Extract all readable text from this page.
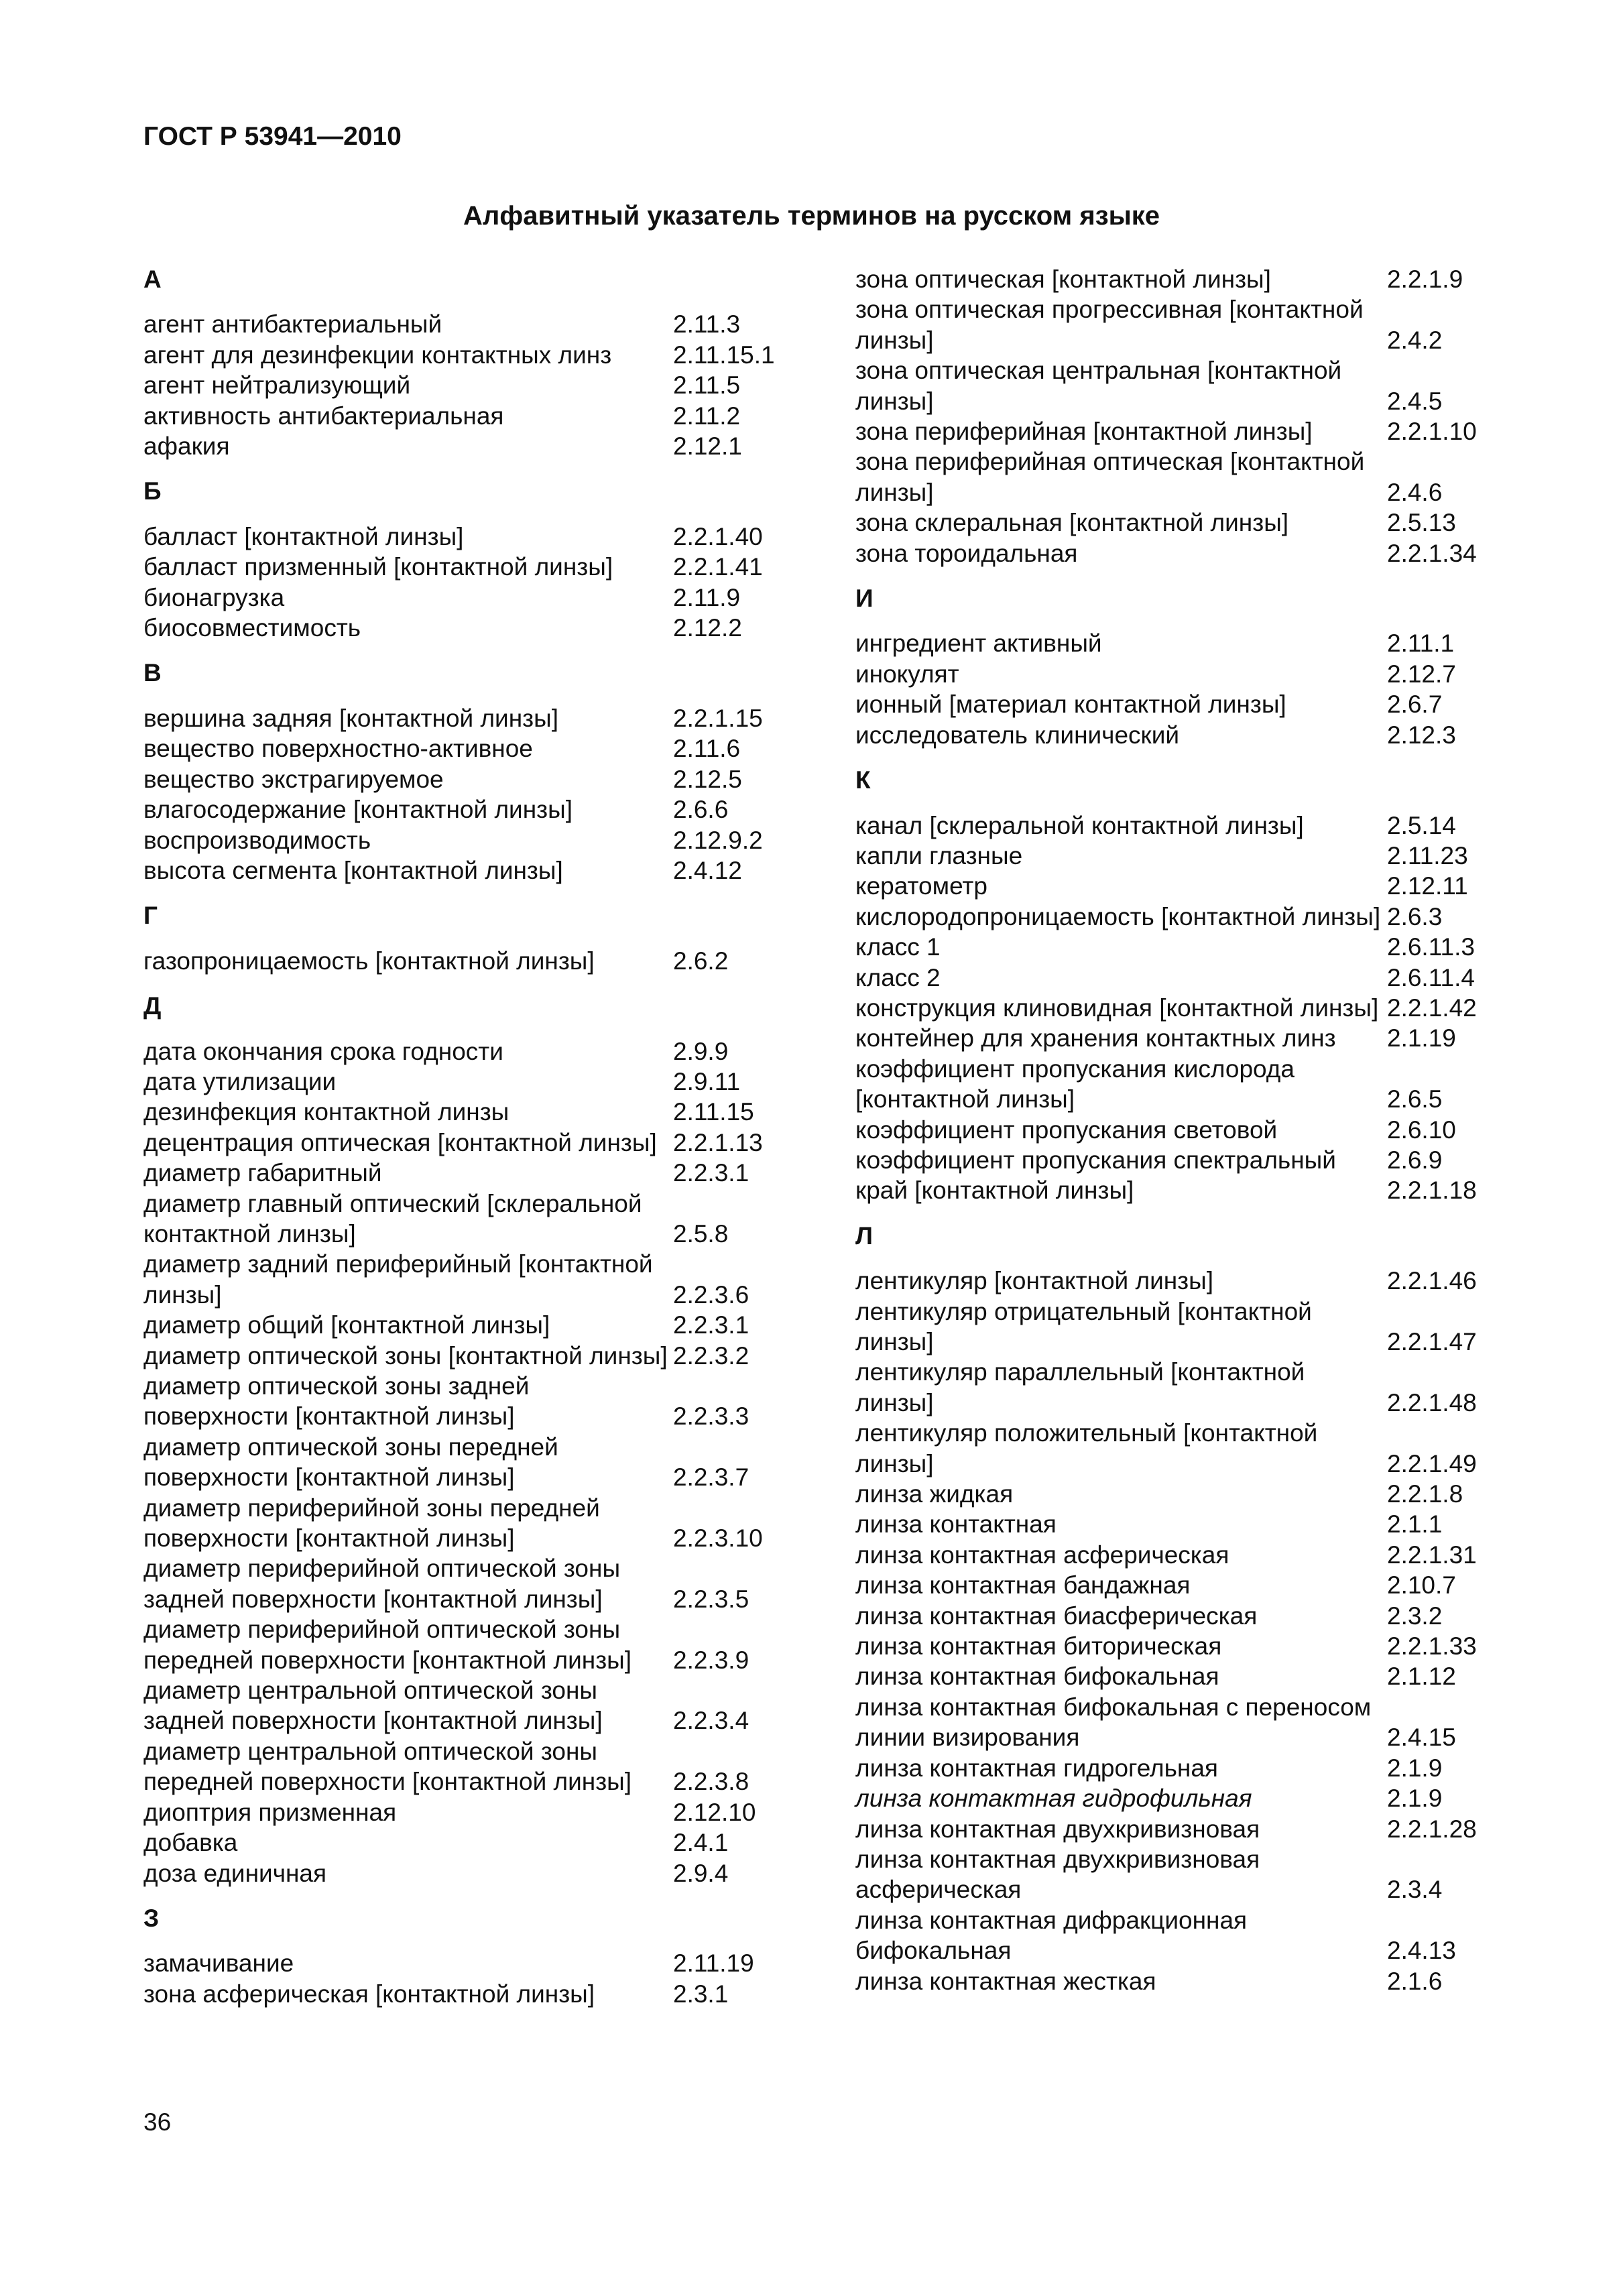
ГОСТ Р 53941—2010
Алфавитный указатель терминов на русском языке
А
агент антибактериальный	2.11.3
агент для дезинфекции контактных линз	2.11.15.1
агент нейтрализующий	2.11.5
активность антибактериальная	2.11.2
афакия	2.12.1
Б
балласт [контактной линзы]	2.2.1.40
балласт призменный [контактной линзы]	2.2.1.41
бионагрузка	2.11.9
биосовместимость	2.12.2
В
вершина задняя [контактной линзы]	2.2.1.15
вещество поверхностно-активное	2.11.6
вещество экстрагируемое	2.12.5
влагосодержание [контактной линзы]	2.6.6
воспроизводимость	2.12.9.2
высота сегмента [контактной линзы]	2.4.12
Г
газопроницаемость [контактной линзы]	2.6.2
Д
дата окончания срока годности	2.9.9
дата утилизации	2.9.11
дезинфекция контактной линзы	2.11.15
децентрация оптическая [контактной линзы] 2.2.1.13
диаметр габаритный	2.2.3.1
диаметр главный оптический [склеральной контактной линзы]	2.5.8
диаметр задний периферийный [контактной линзы]	2.2.3.6
диаметр общий [контактной линзы]	2.2.3.1
диаметр оптической зоны [контактной линзы] 2.2.3.2
диаметр оптической зоны задней поверхности [контактной линзы]	2.2.3.3
диаметр оптической зоны передней поверхности [контактной линзы]	2.2.3.7
диаметр периферийной зоны передней поверхности [контактной линзы]	2.2.3.10
диаметр периферийной оптической зоны задней поверхности [контактной линзы]	2.2.3.5
диаметр периферийной оптической зоны передней поверхности [контактной линзы]	2.2.3.9
диаметр центральной оптической зоны задней поверхности [контактной линзы]	2.2.3.4
диаметр центральной оптической зоны передней поверхности [контактной линзы]	2.2.3.8
диоптрия призменная	2.12.10
добавка	2.4.1
доза единичная	2.9.4
З
замачивание	2.11.19
зона асферическая [контактной линзы]	2.3.1
зона оптическая [контактной линзы]	2.2.1.9
зона оптическая прогрессивная [контактной линзы]	2.4.2
зона оптическая центральная [контактной линзы]	2.4.5
зона периферийная [контактной линзы]	2.2.1.10
зона периферийная оптическая [контактной линзы]	2.4.6
зона склеральная [контактной линзы]	2.5.13
зона тороидальная	2.2.1.34
И
ингредиент активный	2.11.1
инокулят	2.12.7
ионный [материал контактной линзы]	2.6.7
исследователь клинический	2.12.3
К
канал [склеральной контактной линзы]	2.5.14
капли глазные	2.11.23
кератометр	2.12.11
кислородопроницаемость [контактной линзы] 2.6.3
класс 1	2.6.11.3
класс 2	2.6.11.4
конструкция клиновидная [контактной линзы] 2.2.1.42
контейнер для хранения контактных линз	2.1.19
коэффициент пропускания кислорода [контактной линзы]	2.6.5
коэффициент пропускания световой	2.6.10
коэффициент пропускания спектральный	2.6.9
край [контактной линзы]	2.2.1.18
Л
лентикуляр [контактной линзы]	2.2.1.46
лентикуляр отрицательный [контактной линзы]	2.2.1.47
лентикуляр параллельный [контактной линзы]	2.2.1.48
лентикуляр положительный [контактной линзы]	2.2.1.49
линза жидкая	2.2.1.8
линза контактная	2.1.1
линза контактная асферическая	2.2.1.31
линза контактная бандажная	2.10.7
линза контактная биасферическая	2.3.2
линза контактная биторическая	2.2.1.33
линза контактная бифокальная	2.1.12
линза контактная бифокальная с переносом линии визирования	2.4.15
линза контактная гидрогельная	2.1.9
линза контактная гидрофильная	2.1.9
линза контактная двухкривизновая	2.2.1.28
линза контактная двухкривизновая асферическая	2.3.4
линза контактная дифракционная бифокальная	2.4.13
линза контактная жесткая	2.1.6
36
